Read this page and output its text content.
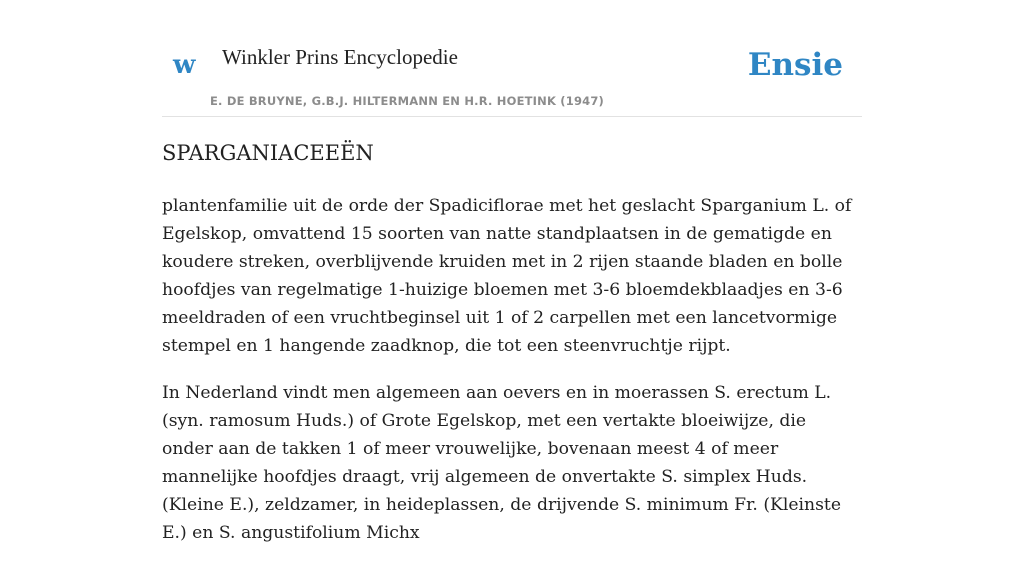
w Winkler Prins Encyclopedie
E. DE BRUYNE, G.B.J. HILTERMANN EN H.R. HOETINK (1947)
Ensie
SPARGANIACEEËN

plantenfamilie uit de orde der Spadiciflorae met het geslacht Sparganium L. of Egelskop, omvattend 15 soorten van natte standplaatsen in de gematigde en koudere streken, overblijvende kruiden met in 2 rijen staande bladen en bolle hoofdjes van regelmatige 1-huizige bloemen met 3-6 bloemdekblaadjes en 3-6 meeldraden of een vruchtbeginsel uit 1 of 2 carpellen met een lancetvormige stempel en 1 hangende zaadknop, die tot een steenvruchtje rijpt.

In Nederland vindt men algemeen aan oevers en in moerassen S. erectum L. (syn. ramosum Huds.) of Grote Egelskop, met een vertakte bloeiwijze, die onder aan de takken 1 of meer vrouwelijke, bovenaan meest 4 of meer mannelijke hoofdjes draagt, vrij algemeen de onvertakte S. simplex Huds. (Kleine E.), zeldzamer, in heideplassen, de drijvende S. minimum Fr. (Kleinste E.) en S. angustifolium Michx
